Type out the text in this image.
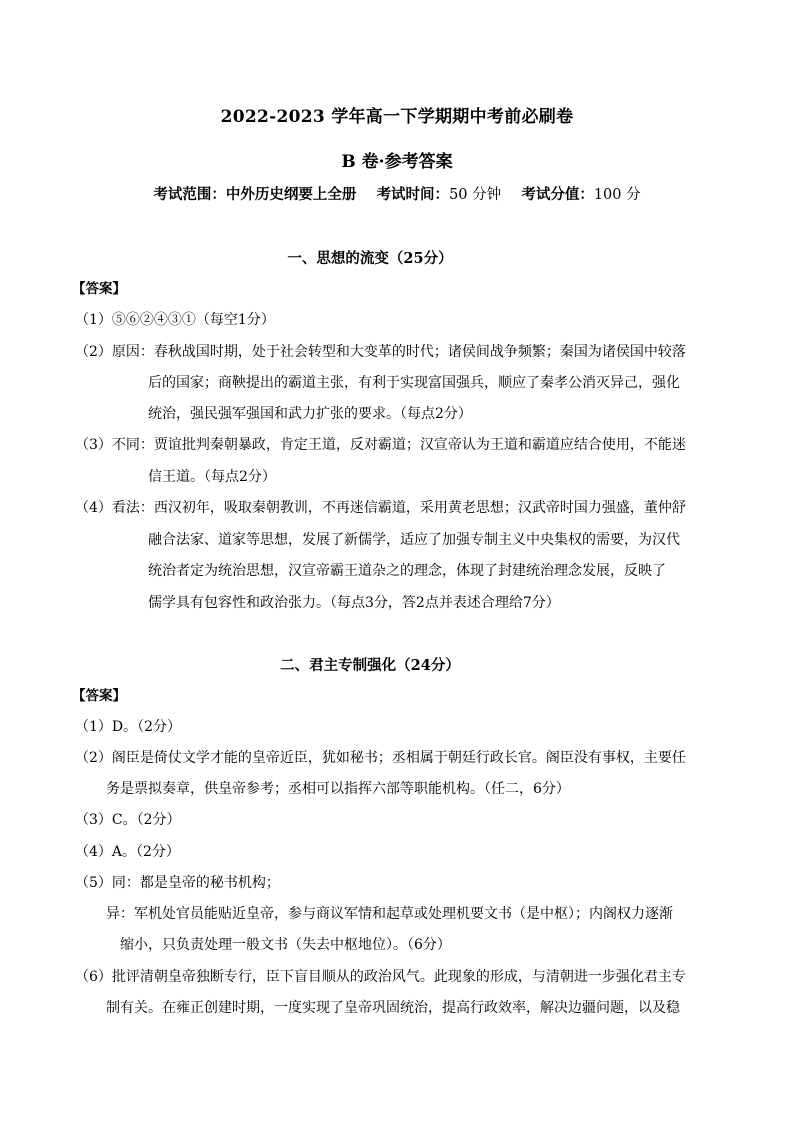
2022-2023 学年高一下学期期中考前必刷卷
B 卷·参考答案
考试范围：中外历史纲要上全册 考试时间：50 分钟 考试分值：100 分
一、思想的流变（25分）
【答案】
（1）⑤⑥②④③①（每空1分）
（2）原因：春秋战国时期，处于社会转型和大变革的时代；诸侯间战争频繁；秦国为诸侯国中较落
后的国家；商鞅提出的霸道主张，有利于实现富国强兵，顺应了秦孝公消灭异己，强化
统治，强民强军强国和武力扩张的要求。（每点2分）
（3）不同：贾谊批判秦朝暴政，肯定王道，反对霸道；汉宣帝认为王道和霸道应结合使用，不能迷
信王道。（每点2分）
（4）看法：西汉初年，吸取秦朝教训，不再迷信霸道，采用黄老思想；汉武帝时国力强盛，董仲舒
融合法家、道家等思想，发展了新儒学，适应了加强专制主义中央集权的需要，为汉代
统治者定为统治思想，汉宣帝霸王道杂之的理念，体现了封建统治理念发展，反映了
儒学具有包容性和政治张力。（每点3分，答2点并表述合理给7分）
二、君主专制强化（24分）
【答案】
（1）D。（2分）
（2）阁臣是倚仗文学才能的皇帝近臣，犹如秘书；丞相属于朝廷行政长官。阁臣没有事权，主要任
务是票拟奏章，供皇帝参考；丞相可以指挥六部等职能机构。（任二，6分）
（3）C。（2分）
（4）A。（2分）
（5）同：都是皇帝的秘书机构；
异：军机处官员能贴近皇帝，参与商议军情和起草或处理机要文书（是中枢）；内阁权力逐渐
缩小，只负责处理一般文书（失去中枢地位）。（6分）
（6）批评清朝皇帝独断专行，臣下盲目顺从的政治风气。此现象的形成，与清朝进一步强化君主专
制有关。在雍正创建时期，一度实现了皇帝巩固统治，提高行政效率，解决边疆问题，以及稳
